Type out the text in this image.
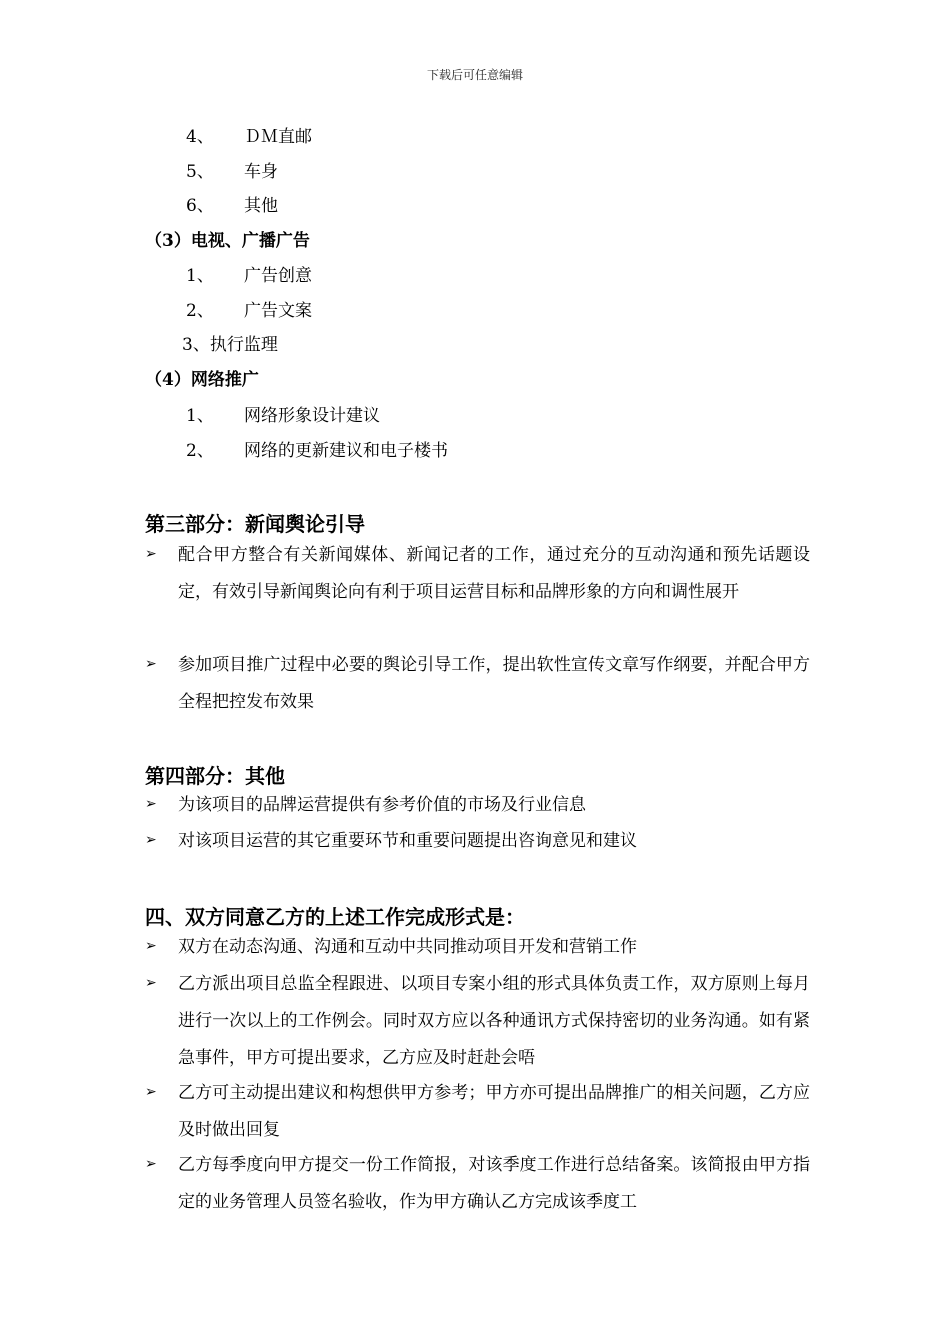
下载后可任意编辑
4、 ＤＭ直邮
5、 车身
6、 其他
（3）电视、广播广告
1、 广告创意
2、 广告文案
3、执行监理
（4）网络推广
1、 网络形象设计建议
2、 网络的更新建议和电子楼书
第三部分：新闻舆论引导
➢	配合甲方整合有关新闻媒体、新闻记者的工作，通过充分的互动沟通和预先话题设定，有效引导新闻舆论向有利于项目运营目标和品牌形象的方向和调性展开
➢	参加项目推广过程中必要的舆论引导工作，提出软性宣传文章写作纲要，并配合甲方全程把控发布效果
第四部分：其他
➢	为该项目的品牌运营提供有参考价值的市场及行业信息
➢	对该项目运营的其它重要环节和重要问题提出咨询意见和建议
四、双方同意乙方的上述工作完成形式是：
➢	双方在动态沟通、沟通和互动中共同推动项目开发和营销工作
➢	乙方派出项目总监全程跟进、以项目专案小组的形式具体负责工作，双方原则上每月进行一次以上的工作例会。同时双方应以各种通讯方式保持密切的业务沟通。如有紧急事件，甲方可提出要求，乙方应及时赶赴会唔
➢	乙方可主动提出建议和构想供甲方参考；甲方亦可提出品牌推广的相关问题，乙方应及时做出回复
➢	乙方每季度向甲方提交一份工作简报，对该季度工作进行总结备案。该简报由甲方指定的业务管理人员签名验收，作为甲方确认乙方完成该季度工
